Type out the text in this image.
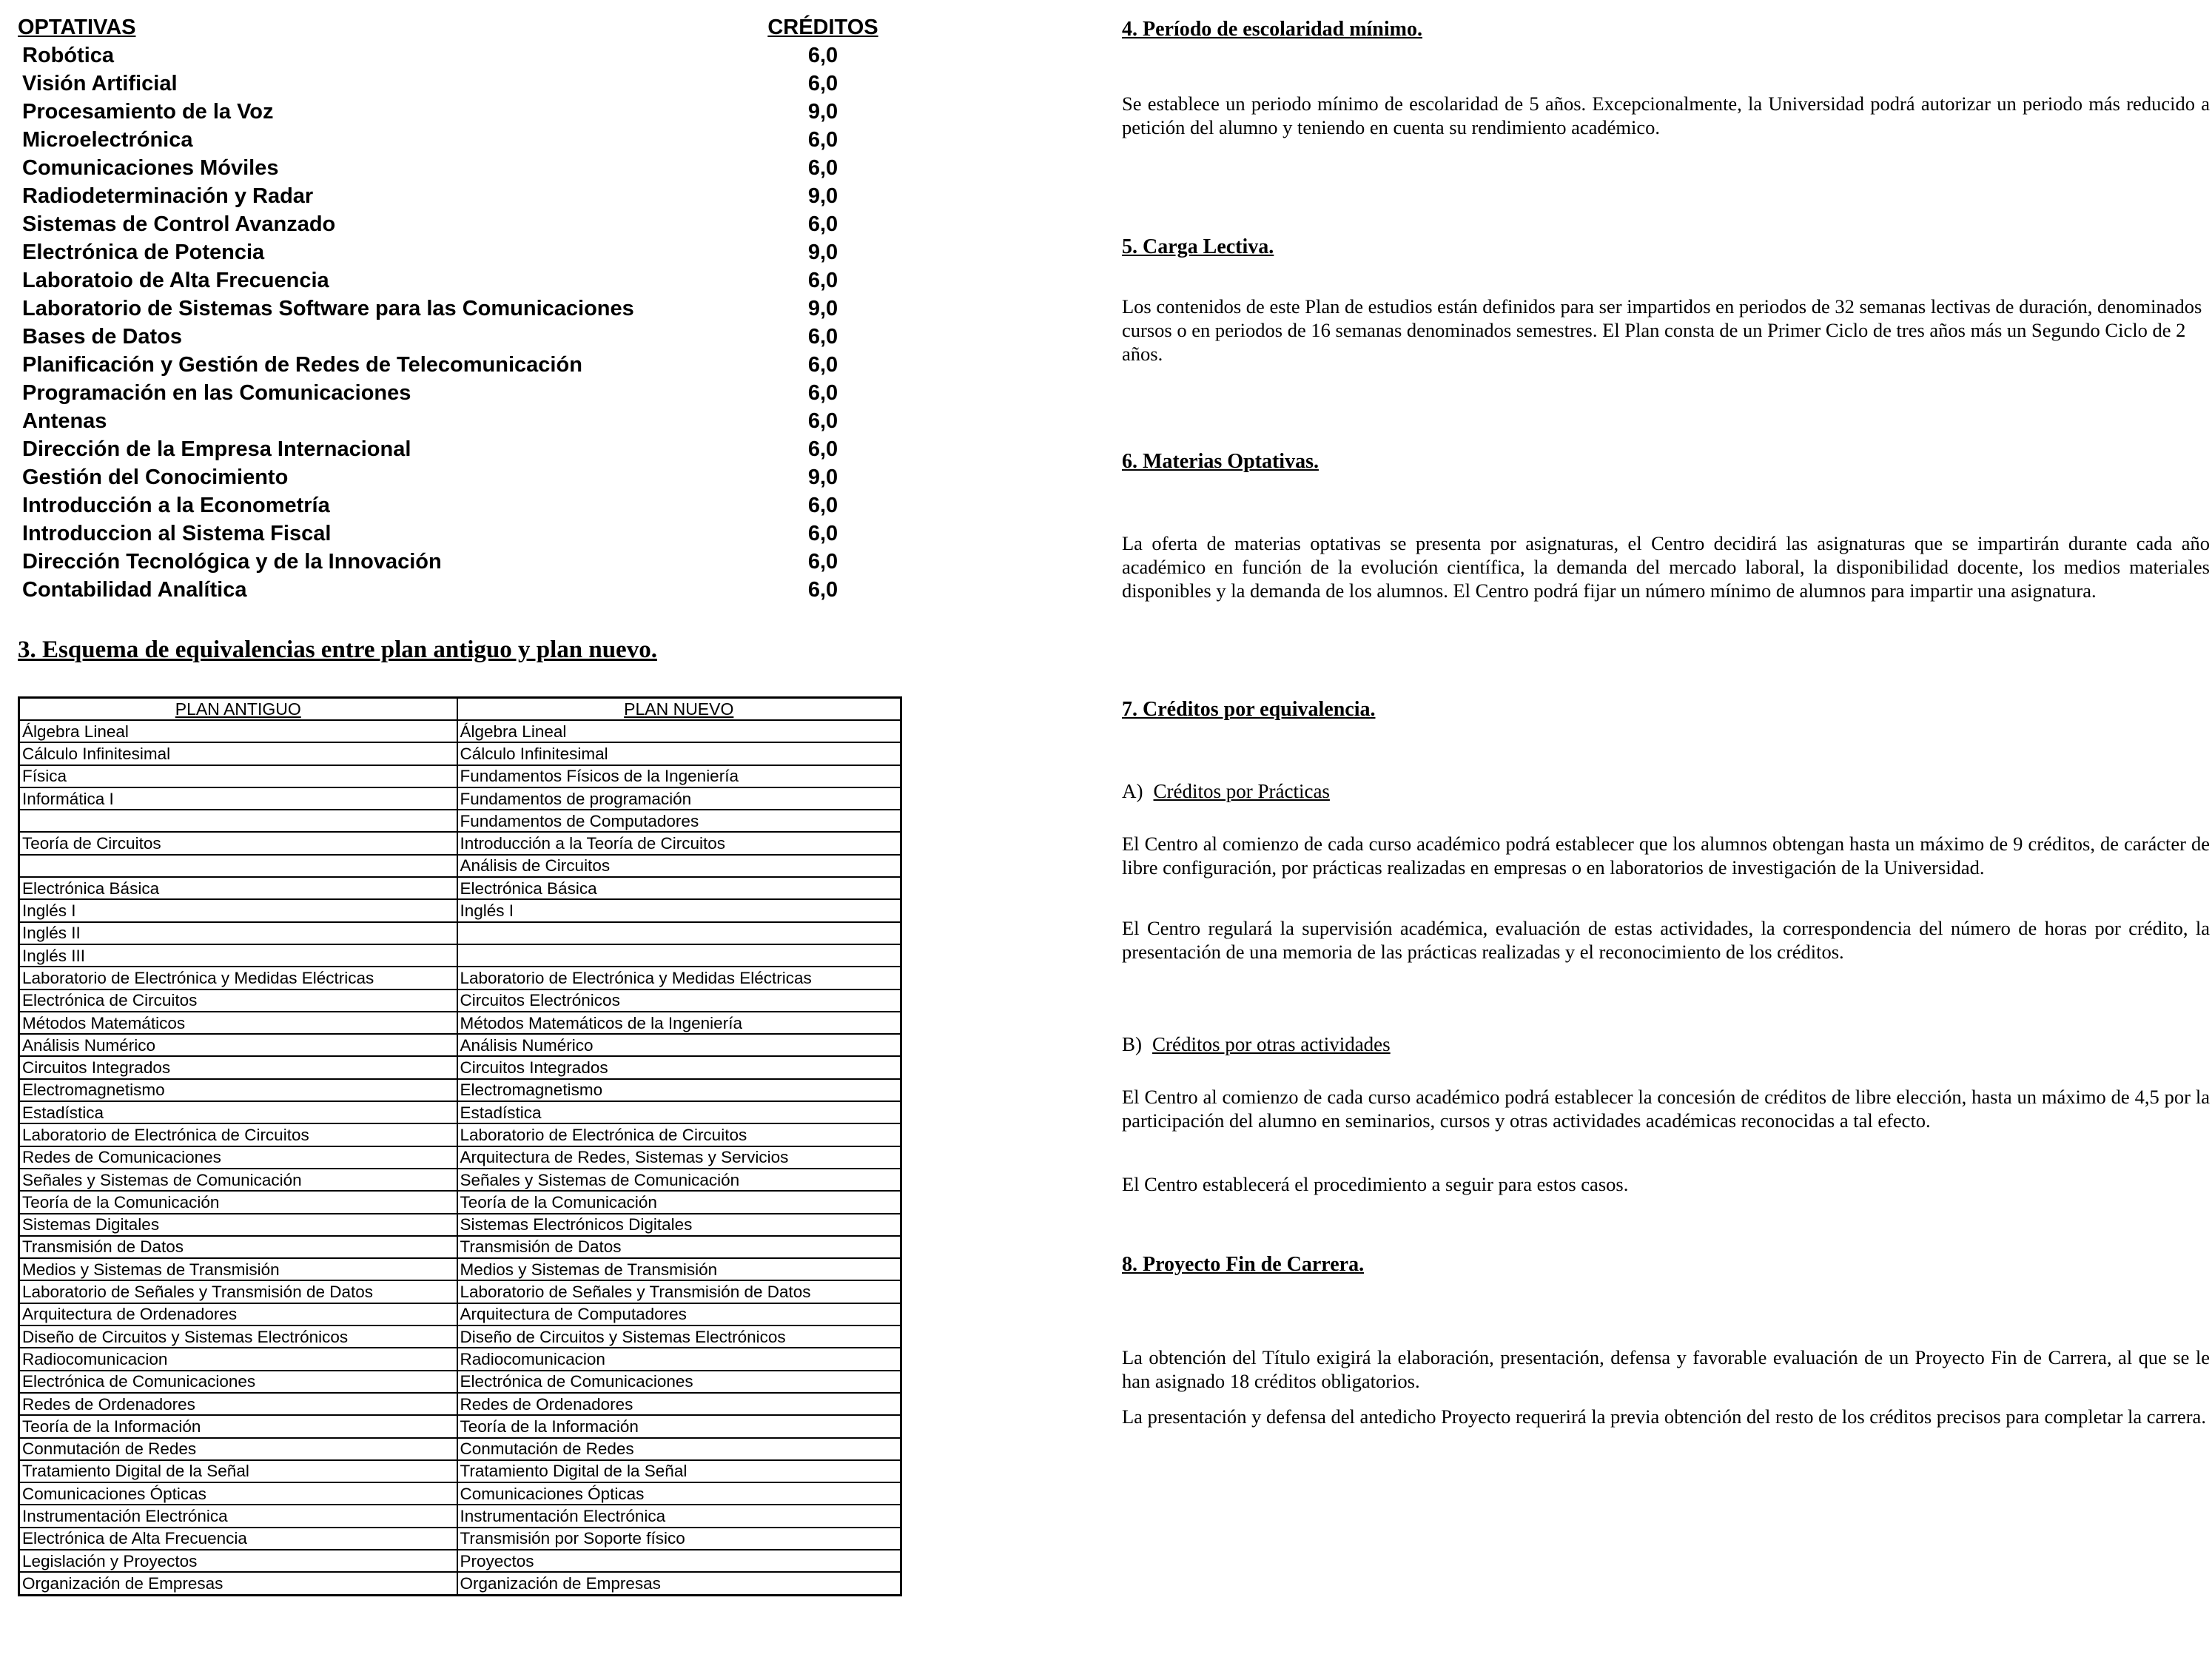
OPTATIVAS	CRÉDITOS
Robótica	6,0
Visión Artificial	6,0
Procesamiento de la Voz	9,0
Microelectrónica	6,0
Comunicaciones Móviles	6,0
Radiodeterminación y Radar	9,0
Sistemas de Control Avanzado	6,0
Electrónica de Potencia	9,0
Laboratoio de Alta Frecuencia	6,0
Laboratorio de Sistemas Software para las Comunicaciones	9,0
Bases de Datos	6,0
Planificación y Gestión de Redes de Telecomunicación	6,0
Programación en las Comunicaciones	6,0
Antenas	6,0
Dirección de la Empresa Internacional	6,0
Gestión del Conocimiento	9,0
Introducción a la Econometría	6,0
Introduccion al Sistema Fiscal	6,0
Dirección Tecnológica y de la Innovación	6,0
Contabilidad Analítica	6,0
3. Esquema de equivalencias entre plan antiguo y plan nuevo.
PLAN ANTIGUO	PLAN NUEVO
Álgebra Lineal	Álgebra Lineal
Cálculo Infinitesimal	Cálculo Infinitesimal
Física	Fundamentos Físicos de la Ingeniería
Informática I	Fundamentos de programación
	Fundamentos de Computadores
Teoría de Circuitos	Introducción a la Teoría de Circuitos
	Análisis de Circuitos
Electrónica Básica	Electrónica Básica
Inglés I	Inglés I
Inglés II	
Inglés III	
Laboratorio de Electrónica y Medidas Eléctricas	Laboratorio de Electrónica y Medidas Eléctricas
Electrónica de Circuitos	Circuitos Electrónicos
Métodos Matemáticos	Métodos Matemáticos de la Ingeniería
Análisis Numérico	Análisis Numérico
Circuitos Integrados	Circuitos Integrados
Electromagnetismo	Electromagnetismo
Estadística	Estadística
Laboratorio de Electrónica de Circuitos	Laboratorio de Electrónica de Circuitos
Redes de Comunicaciones	Arquitectura de Redes, Sistemas y Servicios
Señales y Sistemas de Comunicación	Señales y Sistemas de Comunicación
Teoría de la Comunicación	Teoría de la Comunicación
Sistemas Digitales	Sistemas Electrónicos Digitales
Transmisión de Datos	Transmisión de Datos
Medios y Sistemas de Transmisión	Medios y Sistemas de Transmisión
Laboratorio de Señales y Transmisión de Datos	Laboratorio de Señales y Transmisión de Datos
Arquitectura de Ordenadores	Arquitectura de Computadores
Diseño de Circuitos y Sistemas Electrónicos	Diseño de Circuitos y Sistemas Electrónicos
Radiocomunicacion	Radiocomunicacion
Electrónica de Comunicaciones	Electrónica de Comunicaciones
Redes de Ordenadores	Redes de Ordenadores
Teoría de la Información	Teoría de la Información
Conmutación de Redes	Conmutación de Redes
Tratamiento Digital de la Señal	Tratamiento Digital de la Señal
Comunicaciones Ópticas	Comunicaciones Ópticas
Instrumentación Electrónica	Instrumentación Electrónica
Electrónica de Alta Frecuencia	Transmisión por Soporte físico
Legislación y Proyectos	Proyectos
Organización de Empresas	Organización de Empresas
4. Período de escolaridad mínimo.

Se establece un periodo mínimo de escolaridad de 5 años. Excepcionalmente, la Universidad podrá autorizar un periodo más reducido a petición del alumno y teniendo en cuenta su rendimiento académico.

5. Carga Lectiva.

Los contenidos de este Plan de estudios están definidos para ser impartidos en periodos de 32 semanas lectivas de duración, denominados cursos o en periodos de 16 semanas denominados semestres. El Plan consta de un Primer Ciclo de tres años más un Segundo Ciclo de 2 años.

6. Materias Optativas.

La oferta de materias optativas se presenta por asignaturas, el Centro decidirá las asignaturas que se impartirán durante cada año académico en función de la evolución científica, la demanda del mercado laboral, la disponibilidad docente, los medios materiales disponibles y la demanda de los alumnos. El Centro podrá fijar un número mínimo de alumnos para impartir una asignatura.

7. Créditos por equivalencia.

A) Créditos por Prácticas

El Centro al comienzo de cada curso académico podrá establecer que los alumnos obtengan hasta un máximo de 9 créditos, de carácter de libre configuración, por prácticas realizadas en empresas o en laboratorios de investigación de la Universidad.

El Centro regulará la supervisión académica, evaluación de estas actividades, la correspondencia del número de horas por crédito, la presentación de una memoria de las prácticas realizadas y el reconocimiento de los créditos.

B) Créditos por otras actividades

El Centro al comienzo de cada curso académico podrá establecer la concesión de créditos de libre elección, hasta un máximo de 4,5 por la participación del alumno en seminarios, cursos y otras actividades académicas reconocidas a tal efecto.

El Centro establecerá el procedimiento a seguir para estos casos.

8. Proyecto Fin de Carrera.

La obtención del Título exigirá la elaboración, presentación, defensa y favorable evaluación de un Proyecto Fin de Carrera, al que se le han asignado 18 créditos obligatorios.

La presentación y defensa del antedicho Proyecto requerirá la previa obtención del resto de los créditos precisos para completar la carrera.
